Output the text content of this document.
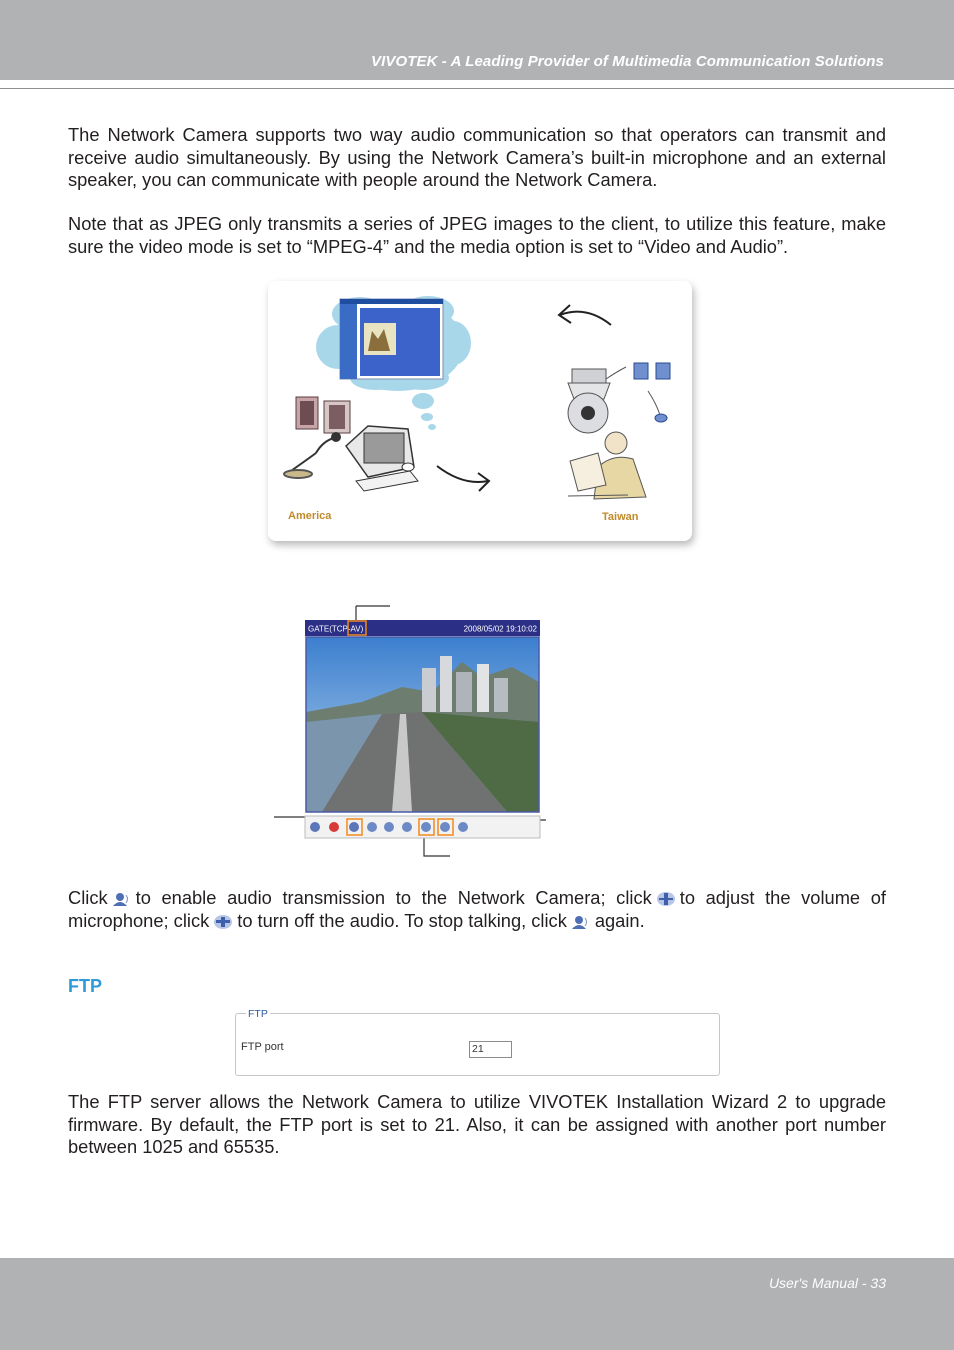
VIVOTEK - A Leading Provider of Multimedia Communication Solutions

The Network Camera supports two way audio communication so that operators can transmit and receive audio simultaneously. By using the Network Camera’s built-in microphone and an external speaker, you can communicate with people around the Network Camera.

Note that as JPEG only transmits a series of JPEG images to the client, to utilize this feature, make sure the video mode is set to “MPEG-4” and the media option is set to “Video and Audio”.

America	Taiwan
GATE(TCP-AV)	2008/05/02 19:10:02

Click to enable audio transmission to the Network Camera; click to adjust the volume of microphone; click to turn off the audio. To stop talking, click again.

FTP
FTP
FTP port	21

The FTP server allows the Network Camera to utilize VIVOTEK Installation Wizard 2 to upgrade firmware. By default, the FTP port is set to 21. Also, it can be assigned with another port number between 1025 and 65535.

User's Manual - 33
